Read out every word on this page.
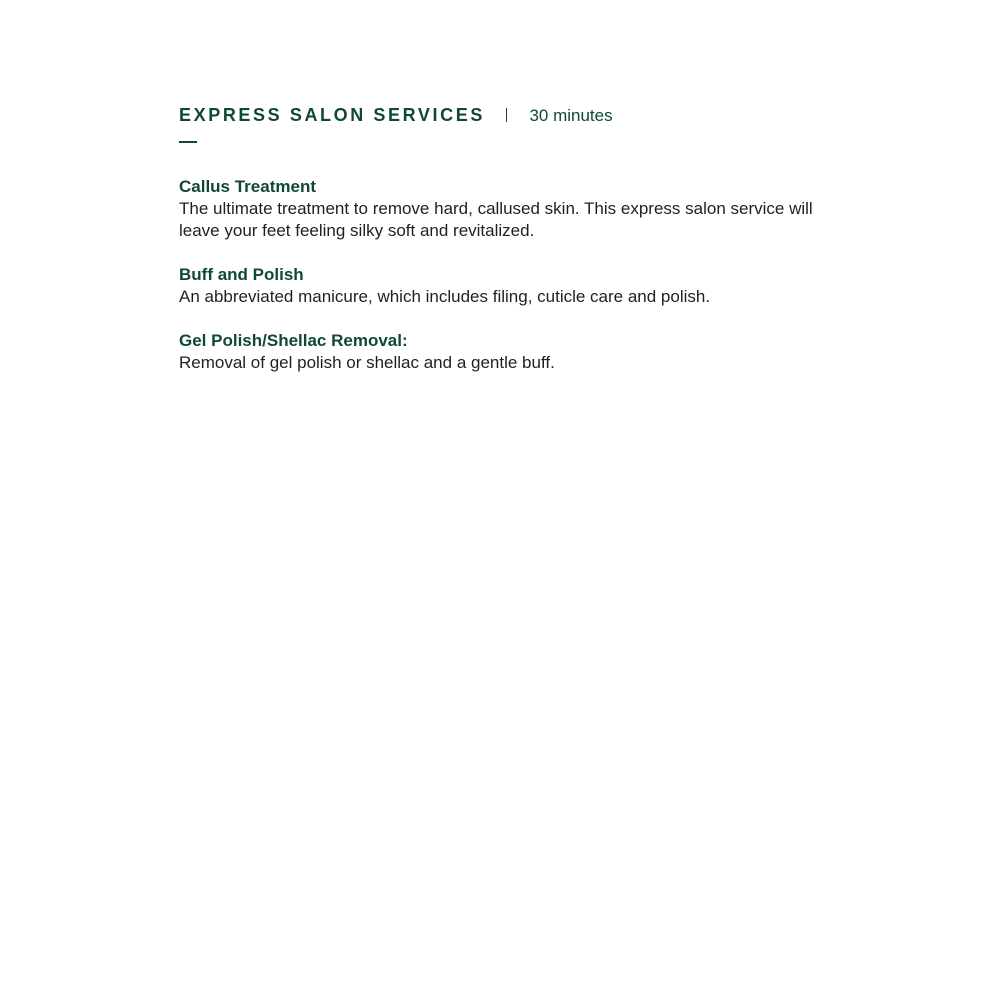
EXPRESS SALON SERVICES	30 minutes
Callus Treatment
The ultimate treatment to remove hard, callused skin. This express salon service will leave your feet feeling silky soft and revitalized.
Buff and Polish
An abbreviated manicure, which includes filing, cuticle care and polish.
Gel Polish/Shellac Removal:
Removal of gel polish or shellac and a gentle buff.
